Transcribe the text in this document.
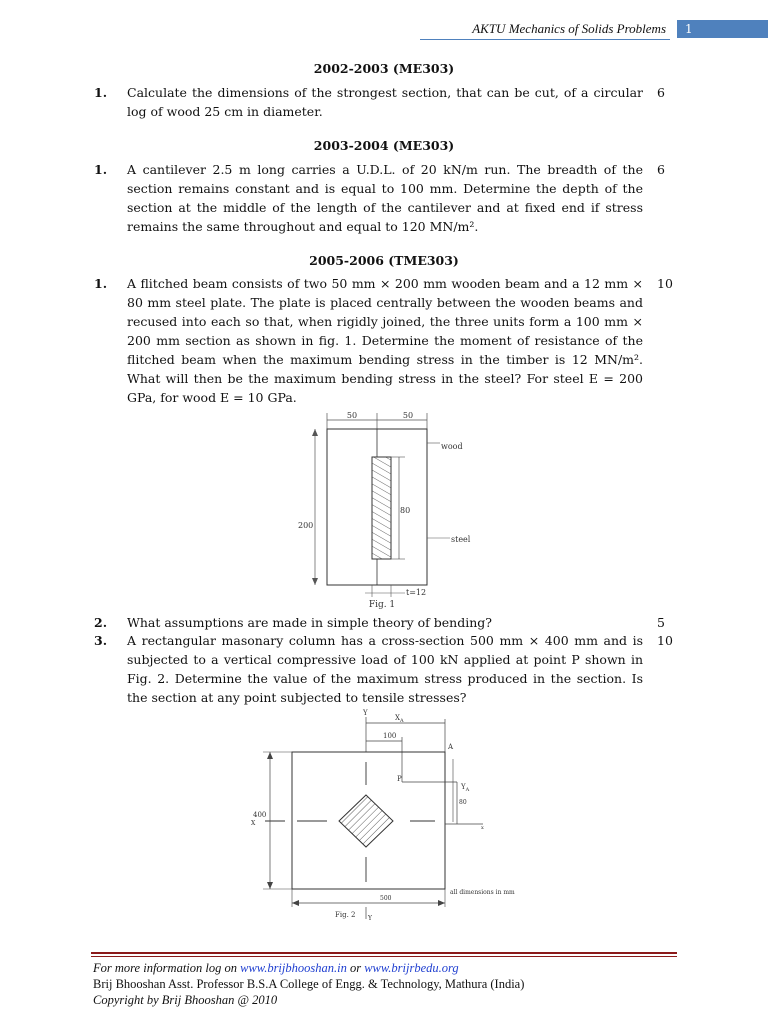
AKTU Mechanics of Solids Problems	1
2002-2003 (ME303)
1. Calculate the dimensions of the strongest section, that can be cut, of a circular log of wood 25 cm in diameter.
6
2003-2004 (ME303)
1. A cantilever 2.5 m long carries a U.D.L. of 20 kN/m run. The breadth of the section remains constant and is equal to 100 mm. Determine the depth of the section at the middle of the length of the cantilever and at fixed end if stress remains the same throughout and equal to 120 MN/m².
6
2005-2006 (TME303)
1. A flitched beam consists of two 50 mm × 200 mm wooden beam and a 12 mm × 80 mm steel plate. The plate is placed centrally between the wooden beams and recused into each so that, when rigidly joined, the three units form a 100 mm × 200 mm section as shown in fig. 1. Determine the moment of resistance of the flitched beam when the maximum bending stress in the timber is 12 MN/m². What will then be the maximum bending stress in the steel? For steel E = 200 GPa, for wood E = 10 GPa.
10
50	50
wood
200
80
steel
t=12
Fig. 1
2. What assumptions are made in simple theory of bending?	5
3. A rectangular masonary column has a cross-section 500 mm × 400 mm and is subjected to a vertical compressive load of 100 kN applied at point P shown in Fig. 2. Determine the value of the maximum stress produced in the section. Is the section at any point subjected to tensile stresses?
10
Y
$X_A$
100
A
P
$Y_A$
80
x
400
X
500
all dimensions in mm
Fig. 2 Y
For more information log on www.brijbhooshan.in or www.brijrbedu.org
Brij Bhooshan Asst. Professor B.S.A College of Engg. & Technology, Mathura (India)
Copyright by Brij Bhooshan @ 2010
